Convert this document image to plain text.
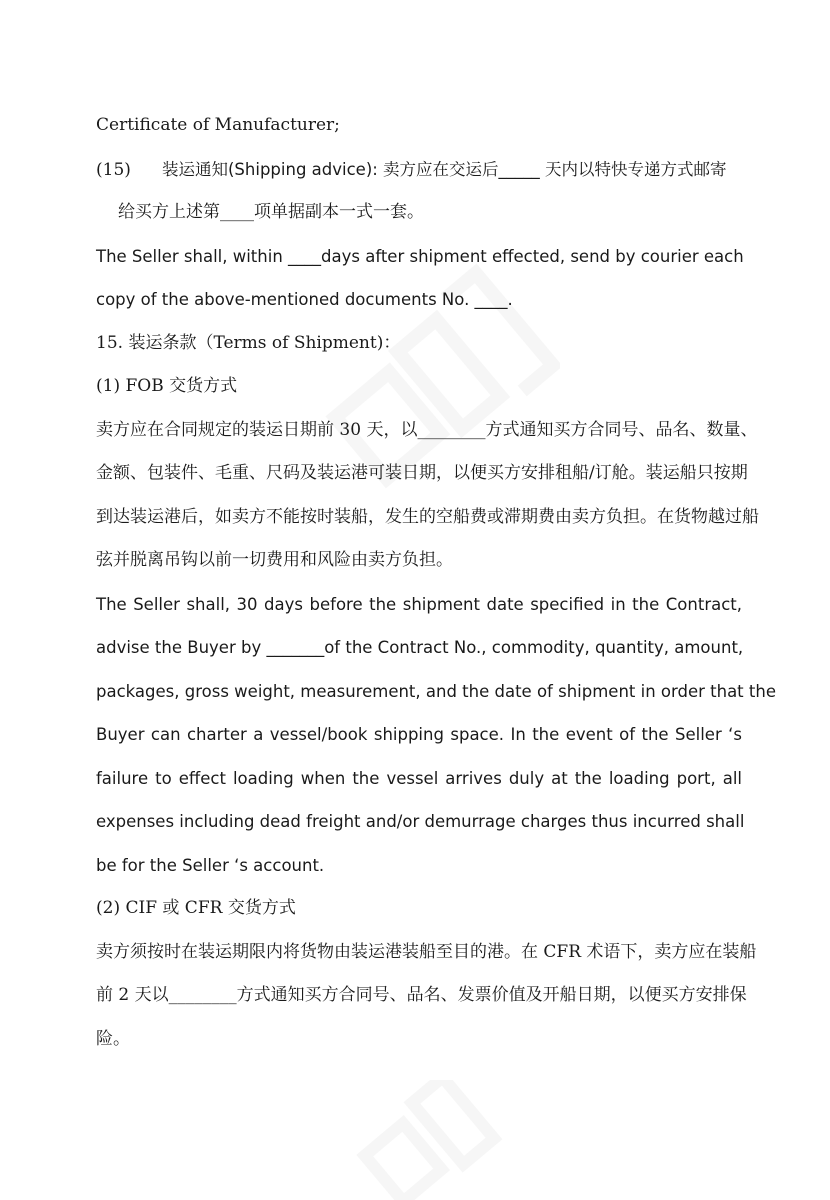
Certificate of Manufacturer;
(15) 装运通知(Shipping advice): 卖方应在交运后_____ 天内以特快专递方式邮寄
给买方上述第____项单据副本一式一套。
The Seller shall, within ____days after shipment effected, send by courier each
copy of the above-mentioned documents No. ____.
15. 装运条款（Terms of Shipment)：
(1) FOB 交货方式
卖方应在合同规定的装运日期前 30 天，以________方式通知买方合同号、品名、数量、
金额、包装件、毛重、尺码及装运港可装日期，以便买方安排租船/订舱。装运船只按期
到达装运港后，如卖方不能按时装船，发生的空船费或滞期费由卖方负担。在货物越过船
弦并脱离吊钩以前一切费用和风险由卖方负担。
The Seller shall, 30 days before the shipment date specified in the Contract,
advise the Buyer by _______of the Contract No., commodity, quantity, amount,
packages, gross weight, measurement, and the date of shipment in order that the
Buyer can charter a vessel/book shipping space. In the event of the Seller ‘s
failure to effect loading when the vessel arrives duly at the loading port, all
expenses including dead freight and/or demurrage charges thus incurred shall
be for the Seller ‘s account.
(2) CIF 或 CFR 交货方式
卖方须按时在装运期限内将货物由装运港装船至目的港。在 CFR 术语下，卖方应在装船
前 2 天以________方式通知买方合同号、品名、发票价值及开船日期，以便买方安排保
险。
